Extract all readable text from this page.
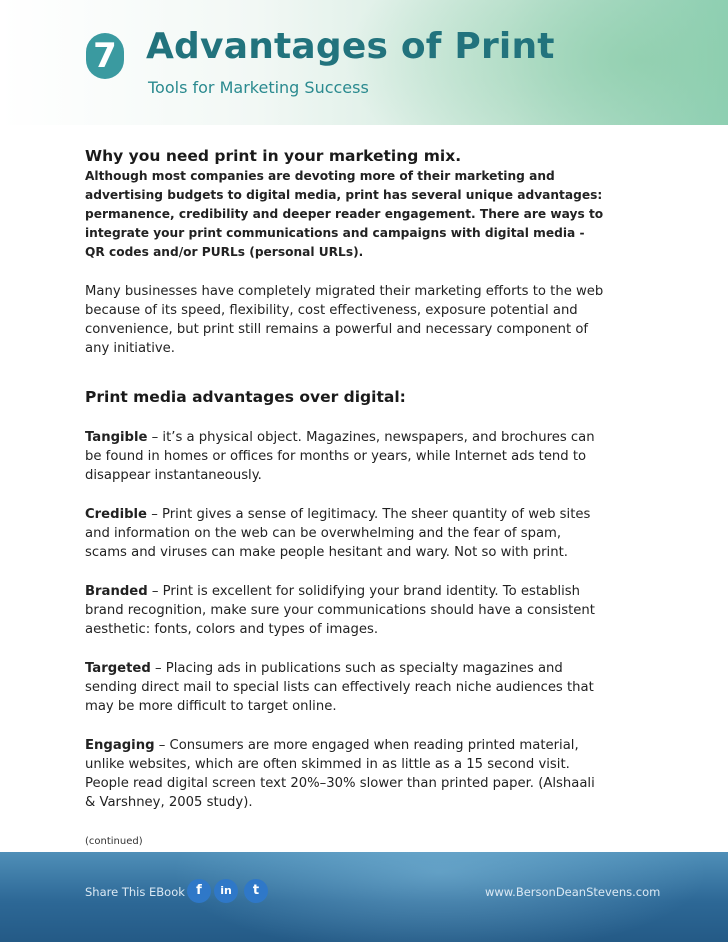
7 Advantages of Print
Tools for Marketing Success

Why you need print in your marketing mix.

Although most companies are devoting more of their marketing and advertising budgets to digital media, print has several unique advantages: permanence, credibility and deeper reader engagement. There are ways to integrate your print communications and campaigns with digital media - QR codes and/or PURLs (personal URLs).

Many businesses have completely migrated their marketing efforts to the web because of its speed, flexibility, cost effectiveness, exposure potential and convenience, but print still remains a powerful and necessary component of any initiative.

Print media advantages over digital:

Tangible – it’s a physical object. Magazines, newspapers, and brochures can be found in homes or offices for months or years, while Internet ads tend to disappear instantaneously.

Credible – Print gives a sense of legitimacy. The sheer quantity of web sites and information on the web can be overwhelming and the fear of spam, scams and viruses can make people hesitant and wary. Not so with print.

Branded – Print is excellent for solidifying your brand identity. To establish brand recognition, make sure your communications should have a consistent aesthetic: fonts, colors and types of images.

Targeted – Placing ads in publications such as specialty magazines and sending direct mail to special lists can effectively reach niche audiences that may be more difficult to target online.

Engaging – Consumers are more engaged when reading printed material, unlike websites, which are often skimmed in as little as a 15 second visit. People read digital screen text 20%–30% slower than printed paper. (Alshaali & Varshney, 2005 study).

(continued)

Share This EBook f	in	t	www.BersonDeanStevens.com
